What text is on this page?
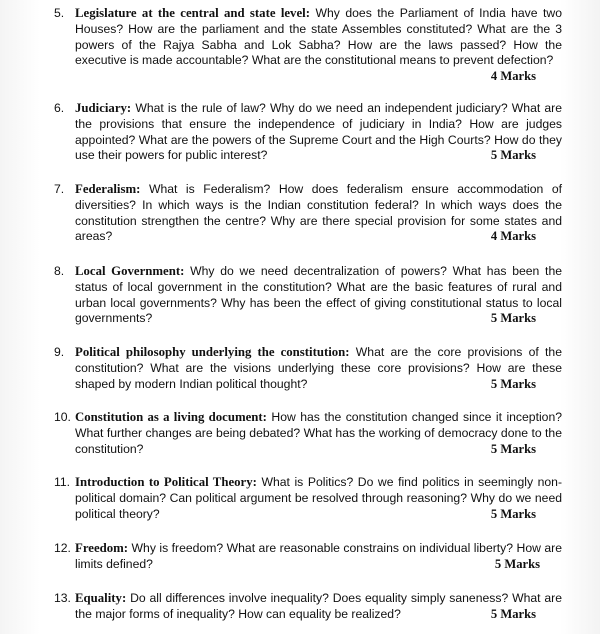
5. Legislature at the central and state level: Why does the Parliament of India have two Houses? How are the parliament and the state Assembles constituted? What are the 3 powers of the Rajya Sabha and Lok Sabha? How are the laws passed? How the executive is made accountable? What are the constitutional means to prevent defection?
4 Marks
6. Judiciary: What is the rule of law? Why do we need an independent judiciary? What are the provisions that ensure the independence of judiciary in India? How are judges appointed? What are the powers of the Supreme Court and the High Courts? How do they use their powers for public interest?	5 Marks
7. Federalism: What is Federalism? How does federalism ensure accommodation of diversities? In which ways is the Indian constitution federal? In which ways does the constitution strengthen the centre? Why are there special provision for some states and areas?	4 Marks
8. Local Government: Why do we need decentralization of powers? What has been the status of local government in the constitution? What are the basic features of rural and urban local governments? Why has been the effect of giving constitutional status to local governments?	5 Marks
9. Political philosophy underlying the constitution: What are the core provisions of the constitution? What are the visions underlying these core provisions? How are these shaped by modern Indian political thought?	5 Marks
10. Constitution as a living document: How has the constitution changed since it inception? What further changes are being debated? What has the working of democracy done to the constitution?	5 Marks
11. Introduction to Political Theory: What is Politics? Do we find politics in seemingly non-political domain? Can political argument be resolved through reasoning? Why do we need political theory?	5 Marks
12. Freedom: Why is freedom? What are reasonable constrains on individual liberty? How are limits defined?	5 Marks
13. Equality: Do all differences involve inequality? Does equality simply saneness? What are the major forms of inequality? How can equality be realized?	5 Marks
